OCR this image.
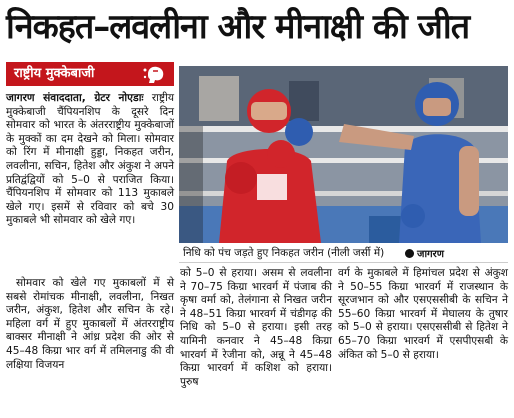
निकहत–लवलीना और मीनाक्षी की जीत
राष्ट्रीय मुक्केबाजी
जागरण संवाददाता, ग्रेटर नोएडाः राष्ट्रीय मुक्केबाजी चैंपियनशिप के दूसरे दिन सोमवार को भारत के अंतरराष्ट्रीय मुक्केबाजों के मुक्कों का दम देखने को मिला। सोमवार को रिंग में मीनाक्षी हुड्डा, निकहत जरीन, लवलीना, सचिन, हितेश और अंकुश ने अपने प्रतिद्वंद्वियों को 5–0 से पराजित किया। चैंपियनशिप में सोमवार को 113 मुकाबले खेले गए। इसमें से रविवार को बचे 30 मुकाबले भी सोमवार को खेले गए।
सोमवार को खेले गए मुकाबलों में से सबसे रोमांचक मीनाक्षी, लवलीना, निखत जरीन, अंकुश, हितेश और सचिन के रहे। महिला वर्ग में हुए मुकाबलों में अंतरराष्ट्रीय बाक्सर मीनाक्षी ने आंध्र प्रदेश की ओर से 45–48 किग्रा भार वर्ग में तमिलनाडु की वी लक्षिया विजयन
निधि को पंच जड़ते हुए निकहत जरीन (नीली जर्सी में)	जागरण
को 5–0 से हराया। असम से लवलीना ने 70–75 किग्रा भारवर्ग में पंजाब की कृषा वर्मा को, तेलंगाना से निखत जरीन ने 48–51 किग्रा भारवर्ग में चंडीगढ़ की निधि को 5–0 से हराया। इसी तरह यामिनी कनवार ने 45–48 किग्रा भारवर्ग में रेजीना को, अन्नू ने 45–48 किग्रा भारवर्ग में कशिश को हराया। पुरुष
वर्ग के मुकाबले में हिमांचल प्रदेश से अंकुश ने 50–55 किग्रा भारवर्ग में राजस्थान के सूरजभान को और एसएससीबी के सचिन ने 55–60 किग्रा भारवर्ग में मेघालय के तुषार को 5–0 से हराया। एसएससीबी से हितेश ने 65–70 किग्रा भारवर्ग में एसपीएसबी के अंकित को 5–0 से हराया।
